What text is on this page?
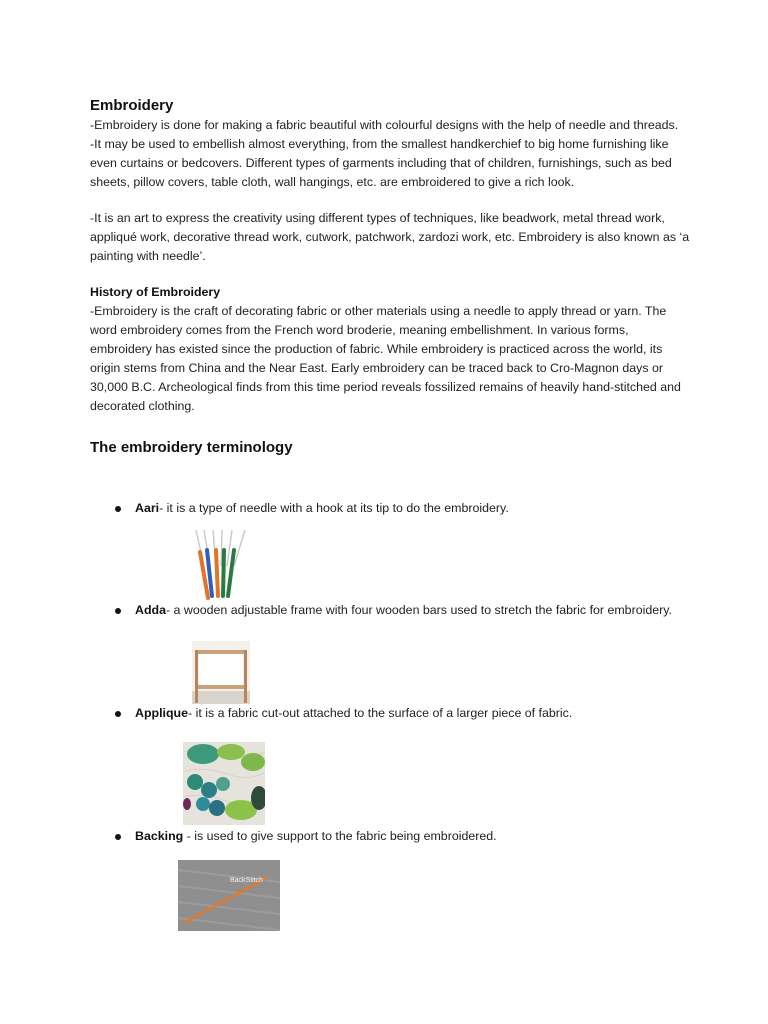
Embroidery

-Embroidery is done for making a fabric beautiful with colourful designs with the help of needle and threads.

-It may be used to embellish almost everything, from the smallest handkerchief to big home furnishing like even curtains or bedcovers. Different types of garments including that of children, furnishings, such as bed sheets, pillow covers, table cloth, wall hangings, etc. are embroidered to give a rich look.

-It is an art to express the creativity using different types of techniques, like beadwork, metal thread work, appliqué work, decorative thread work, cutwork, patchwork, zardozi work, etc. Embroidery is also known as ‘a painting with needle’.

History of Embroidery

-Embroidery is the craft of decorating fabric or other materials using a needle to apply thread or yarn. The word embroidery comes from the French word broderie, meaning embellishment. In various forms, embroidery has existed since the production of fabric. While embroidery is practiced across the world, its origin stems from China and the Near East. Early embroidery can be traced back to Cro-Magnon days or 30,000 B.C. Archeological finds from this time period reveals fossilized remains of heavily hand-stitched and decorated clothing.

The embroidery terminology
Aari- it is a type of needle with a hook at its tip to do the embroidery.
Adda- a wooden adjustable frame with four wooden bars used to stretch the fabric for embroidery.
Applique- it is a fabric cut-out attached to the surface of a larger piece of fabric.
Backing - is used to give support to the fabric being embroidered.
BackStitch
